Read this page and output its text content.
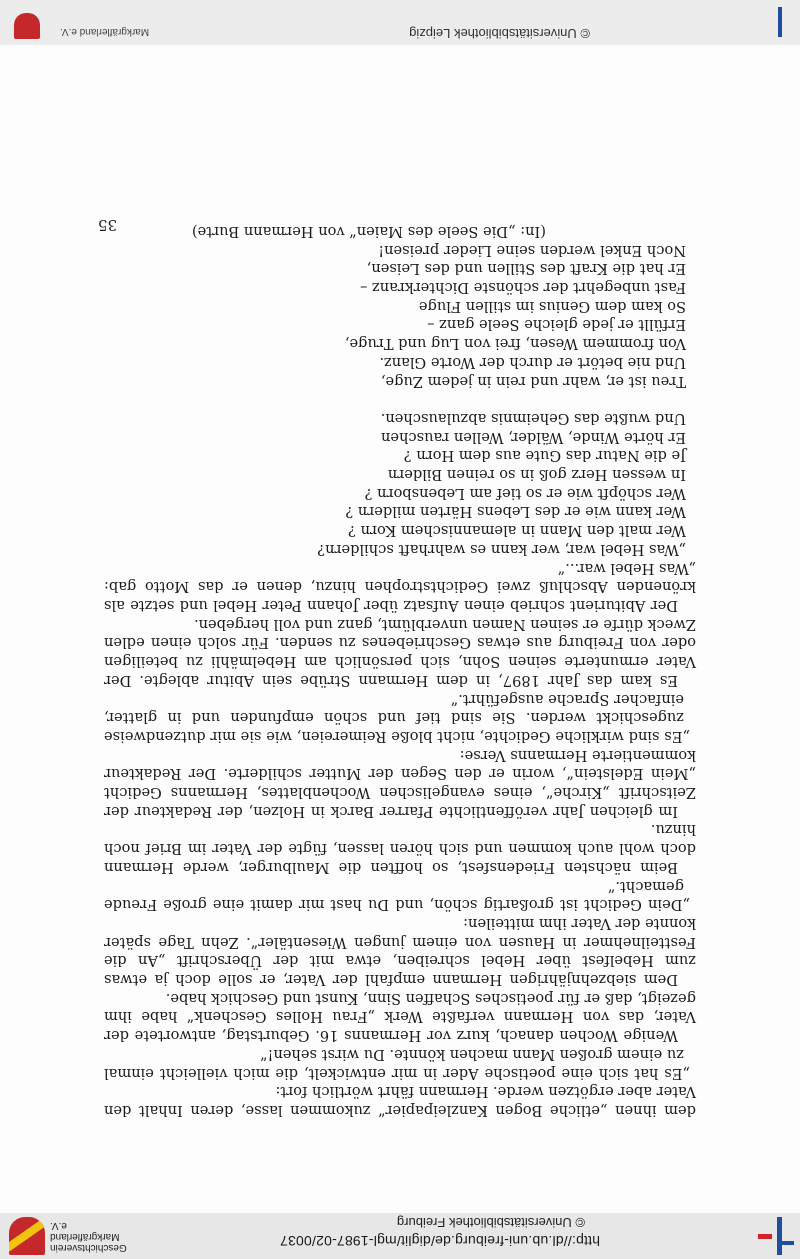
© Universitätsbibliothek Leipzig
Markgräflerland e.V.

dem ihnen „etliche Bogen Kanzleipapier“ zukommen lasse, deren Inhalt den Vater aber ergötzen werde. Hermann fährt wörtlich fort:

„Es hat sich eine poetische Ader in mir entwickelt, die mich vielleicht einmal zu einem großen Mann machen könnte. Du wirst sehen!“

Wenige Wochen danach, kurz vor Hermanns 16. Geburtstag, antwortete der Vater, das von Hermann verfaßte Werk „Frau Holles Geschenk“ habe ihm gezeigt, daß er für poetisches Schaffen Sinn, Kunst und Geschick habe.

Dem siebzehnjährigen Hermann empfahl der Vater, er solle doch ja etwas zum Hebelfest über Hebel schreiben, etwa mit der Überschrift „An die Festteilnehmer in Hausen von einem jungen Wiesentäler“. Zehn Tage später konnte der Vater ihm mitteilen:

„Dein Gedicht ist großartig schön, und Du hast mir damit eine große Freude gemacht.“

Beim nächsten Friedensfest, so hofften die Maulburger, werde Hermann doch wohl auch kommen und sich hören lassen, fügte der Vater im Brief noch hinzu.

Im gleichen Jahr veröffentlichte Pfarrer Barck in Holzen, der Redakteur der Zeitschrift „Kirche“, eines evangelischen Wochenblattes, Hermanns Gedicht „Mein Edelstein“, worin er den Segen der Mutter schilderte. Der Redakteur kommentierte Hermanns Verse:

„Es sind wirkliche Gedichte, nicht bloße Reimereien, wie sie mir dutzendweise zugeschickt werden. Sie sind tief und schön empfunden und in glatter, einfacher Sprache ausgeführt.“

Es kam das Jahr 1897, in dem Hermann Strübe sein Abitur ablegte. Der Vater ermunterte seinen Sohn, sich persönlich am Hebelmähli zu beteiligen oder von Freiburg aus etwas Geschriebenes zu senden. Für solch einen edlen Zweck dürfe er seinen Namen unverblümt, ganz und voll hergeben.

Der Abiturient schrieb einen Aufsatz über Johann Peter Hebel und setzte als krönenden Abschluß zwei Gedichtstrophen hinzu, denen er das Motto gab: „Was Hebel war...“

„Was Hebel war, wer kann es wahrhaft schildern?
Wer malt den Mann in alemannischem Korn ?
Wer kann wie er des Lebens Härten mildern ?
Wer schöpft wie er so tief am Lebensborn ?
In wessen Herz goß in so reinen Bildern
Je die Natur das Gute aus dem Horn ?
Er hörte Winde, Wälder, Wellen rauschen
Und wußte das Geheimnis abzulauschen.
Treu ist er, wahr und rein in jedem Zuge,
Und nie betört er durch der Worte Glanz.
Von frommem Wesen, frei von Lug und Truge,
Erfüllt er jede gleiche Seele ganz –
So kam dem Genius im stillen Fluge
Fast unbegehrt der schönste Dichterkranz –
Er hat die Kraft des Stillen und des Leisen,
Noch Enkel werden seine Lieder preisen!

(In: „Die Seele des Maien“ von Hermann Burte)

35
http://dl.ub.uni-freiburg.de/diglit/mgl-1987-02/0037
© Universitätsbibliothek Freiburg
Geschichtsverein Markgräflerland e.V.
